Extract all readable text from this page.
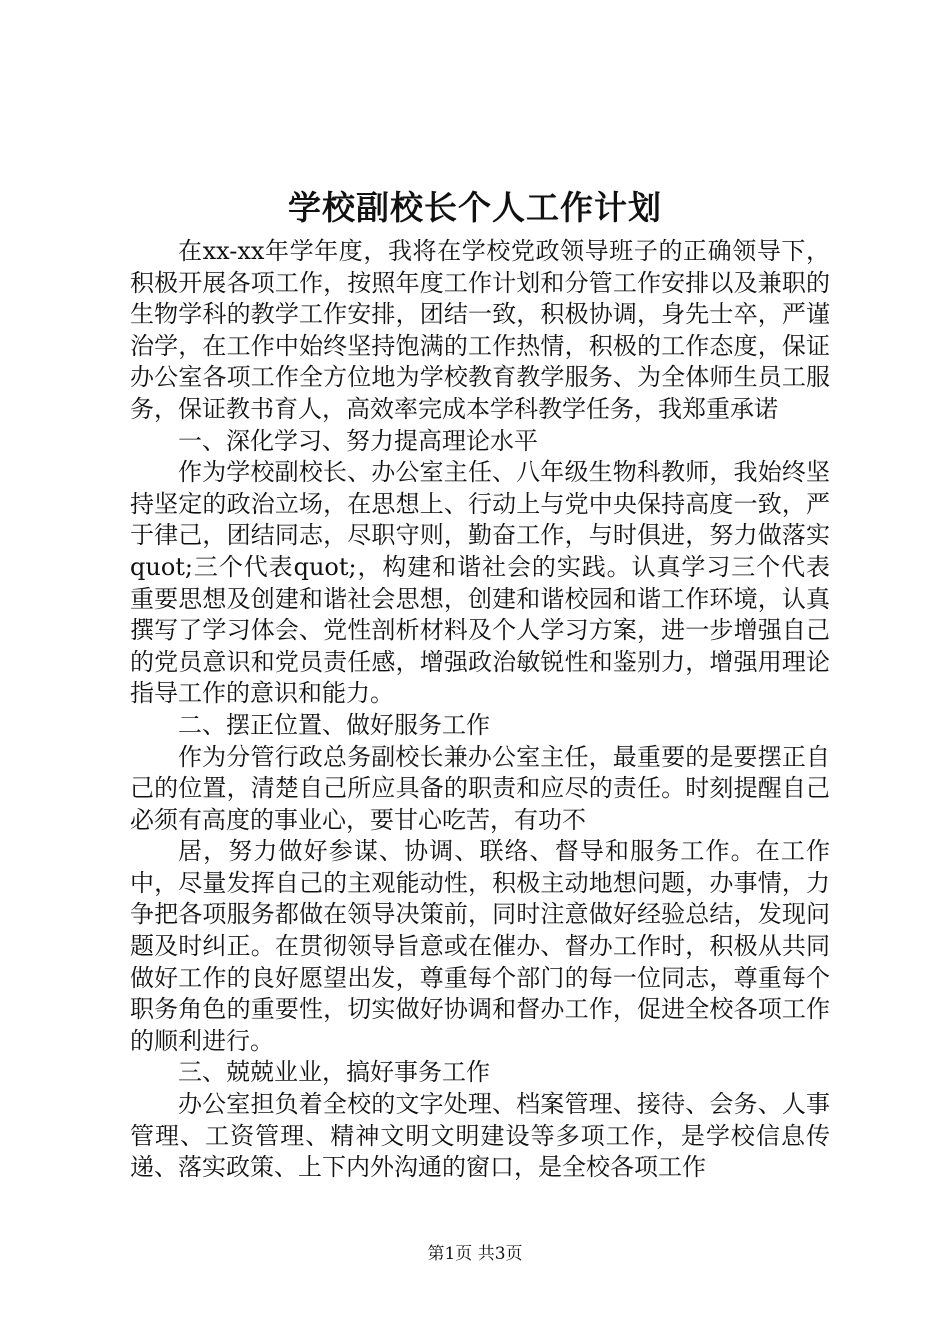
学校副校长个人工作计划

在xx-xx年学年度，我将在学校党政领导班子的正确领导下，积极开展各项工作，按照年度工作计划和分管工作安排以及兼职的生物学科的教学工作安排，团结一致，积极协调，身先士卒，严谨治学，在工作中始终坚持饱满的工作热情，积极的工作态度，保证办公室各项工作全方位地为学校教育教学服务、为全体师生员工服务，保证教书育人，高效率完成本学科教学任务，我郑重承诺

一、深化学习、努力提高理论水平

作为学校副校长、办公室主任、八年级生物科教师，我始终坚持坚定的政治立场，在思想上、行动上与党中央保持高度一致，严于律己，团结同志，尽职守则，勤奋工作，与时俱进，努力做落实quot;三个代表quot;，构建和谐社会的实践。认真学习三个代表重要思想及创建和谐社会思想，创建和谐校园和谐工作环境，认真撰写了学习体会、党性剖析材料及个人学习方案，进一步增强自己的党员意识和党员责任感，增强政治敏锐性和鉴别力，增强用理论指导工作的意识和能力。

二、摆正位置、做好服务工作

作为分管行政总务副校长兼办公室主任，最重要的是要摆正自己的位置，清楚自己所应具备的职责和应尽的责任。时刻提醒自己必须有高度的事业心，要甘心吃苦，有功不

居，努力做好参谋、协调、联络、督导和服务工作。在工作中，尽量发挥自己的主观能动性，积极主动地想问题，办事情，力争把各项服务都做在领导决策前，同时注意做好经验总结，发现问题及时纠正。在贯彻领导旨意或在催办、督办工作时，积极从共同做好工作的良好愿望出发，尊重每个部门的每一位同志，尊重每个职务角色的重要性，切实做好协调和督办工作，促进全校各项工作的顺利进行。

三、兢兢业业，搞好事务工作

办公室担负着全校的文字处理、档案管理、接待、会务、人事管理、工资管理、精神文明文明建设等多项工作，是学校信息传递、落实政策、上下内外沟通的窗口，是全校各项工作

第1页 共3页
